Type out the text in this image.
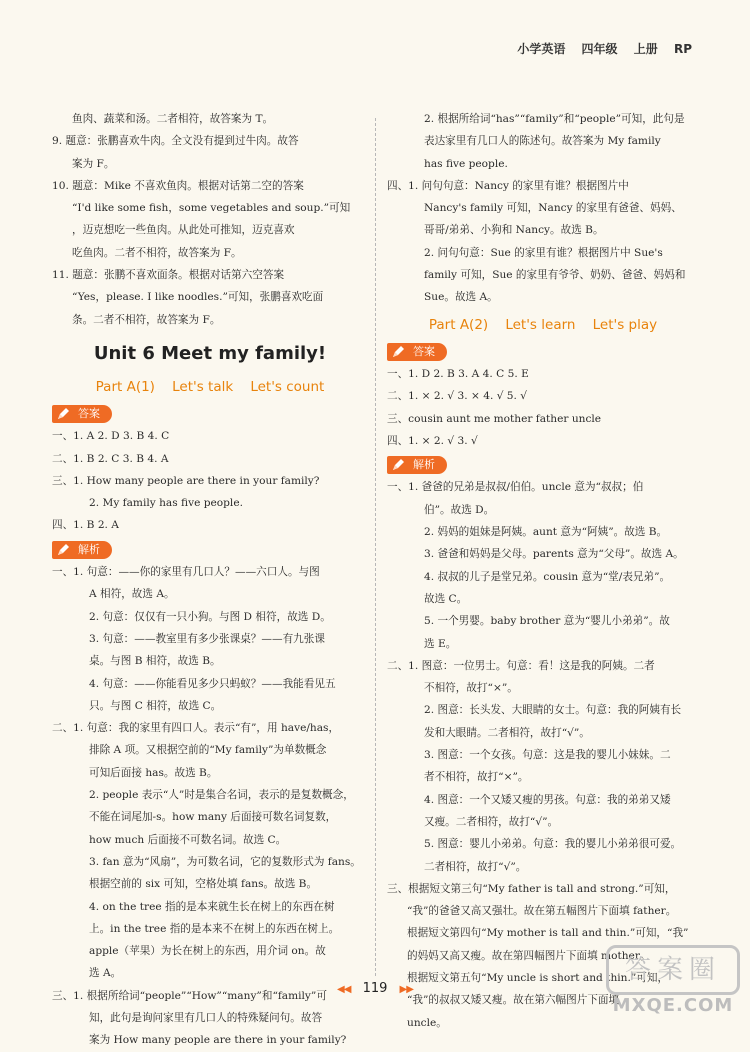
小学英语 四年级 上册 RP
鱼肉、蔬菜和汤。二者相符，故答案为 T。
9. 题意：张鹏喜欢牛肉。全文没有提到过牛肉。故答
案为 F。
10. 题意：Mike 不喜欢鱼肉。根据对话第二空的答案
“I'd like some fish，some vegetables and soup.”可知
，迈克想吃一些鱼肉。从此处可推知，迈克喜欢
吃鱼肉。二者不相符，故答案为 F。
11. 题意：张鹏不喜欢面条。根据对话第六空答案
“Yes，please. I like noodles.”可知，张鹏喜欢吃面
条。二者不相符，故答案为 F。
Unit 6 Meet my family!
Part A(1)    Let's talk    Let's count
答案
一、1. A 2. D 3. B 4. C
二、1. B 2. C 3. B 4. A
三、1. How many people are there in your family?
2. My family has five people.
四、1. B 2. A
解析
一、1. 句意：——你的家里有几口人？——六口人。与图
A 相符，故选 A。
2. 句意：仅仅有一只小狗。与图 D 相符，故选 D。
3. 句意：——教室里有多少张课桌？——有九张课
桌。与图 B 相符，故选 B。
4. 句意：——你能看见多少只蚂蚁？——我能看见五
只。与图 C 相符，故选 C。
二、1. 句意：我的家里有四口人。表示“有”，用 have/has，
排除 A 项。又根据空前的“My family”为单数概念
可知后面接 has。故选 B。
2. people 表示“人”时是集合名词，表示的是复数概念，
不能在词尾加-s。how many 后面接可数名词复数，
how much 后面接不可数名词。故选 C。
3. fan 意为“风扇”，为可数名词，它的复数形式为 fans。
根据空前的 six 可知，空格处填 fans。故选 B。
4. on the tree 指的是本来就生长在树上的东西在树
上。in the tree 指的是本来不在树上的东西在树上。
apple（苹果）为长在树上的东西，用介词 on。故
选 A。
三、1. 根据所给词“people”“How”“many”和“family”可
知，此句是询问家里有几口人的特殊疑问句。故答
案为 How many people are there in your family?
2. 根据所给词“has”“family”和“people”可知，此句是
表达家里有几口人的陈述句。故答案为 My family
has five people.
四、1. 问句句意：Nancy 的家里有谁？根据图片中
Nancy's family 可知，Nancy 的家里有爸爸、妈妈、
哥哥/弟弟、小狗和 Nancy。故选 B。
2. 问句句意：Sue 的家里有谁？根据图片中 Sue's
family 可知，Sue 的家里有爷爷、奶奶、爸爸、妈妈和
Sue。故选 A。
Part A(2)    Let's learn    Let's play
答案
一、1. D 2. B 3. A 4. C 5. E
二、1. × 2. √ 3. × 4. √ 5. √
三、cousin aunt me mother father uncle
四、1. × 2. √ 3. √
解析
一、1. 爸爸的兄弟是叔叔/伯伯。uncle 意为“叔叔；伯
伯”。故选 D。
2. 妈妈的姐妹是阿姨。aunt 意为“阿姨”。故选 B。
3. 爸爸和妈妈是父母。parents 意为“父母”。故选 A。
4. 叔叔的儿子是堂兄弟。cousin 意为“堂/表兄弟”。
故选 C。
5. 一个男婴。baby brother 意为“婴儿小弟弟”。故
选 E。
二、1. 图意：一位男士。句意：看！这是我的阿姨。二者
不相符，故打“×”。
2. 图意：长头发、大眼睛的女士。句意：我的阿姨有长
发和大眼睛。二者相符，故打“√”。
3. 图意：一个女孩。句意：这是我的婴儿小妹妹。二
者不相符，故打“×”。
4. 图意：一个又矮又瘦的男孩。句意：我的弟弟又矮
又瘦。二者相符，故打“√”。
5. 图意：婴儿小弟弟。句意：我的婴儿小弟弟很可爱。
二者相符，故打“√”。
三、根据短文第三句“My father is tall and strong.”可知，
“我”的爸爸又高又强壮。故在第五幅图片下面填 father。
根据短文第四句“My mother is tall and thin.”可知，“我”
的妈妈又高又瘦。故在第四幅图片下面填 mother。
根据短文第五句“My uncle is short and thin.”可知，
“我”的叔叔又矮又瘦。故在第六幅图片下面填
uncle。
◀◀ 119 ▶▶
答案圈
MXQE.COM
